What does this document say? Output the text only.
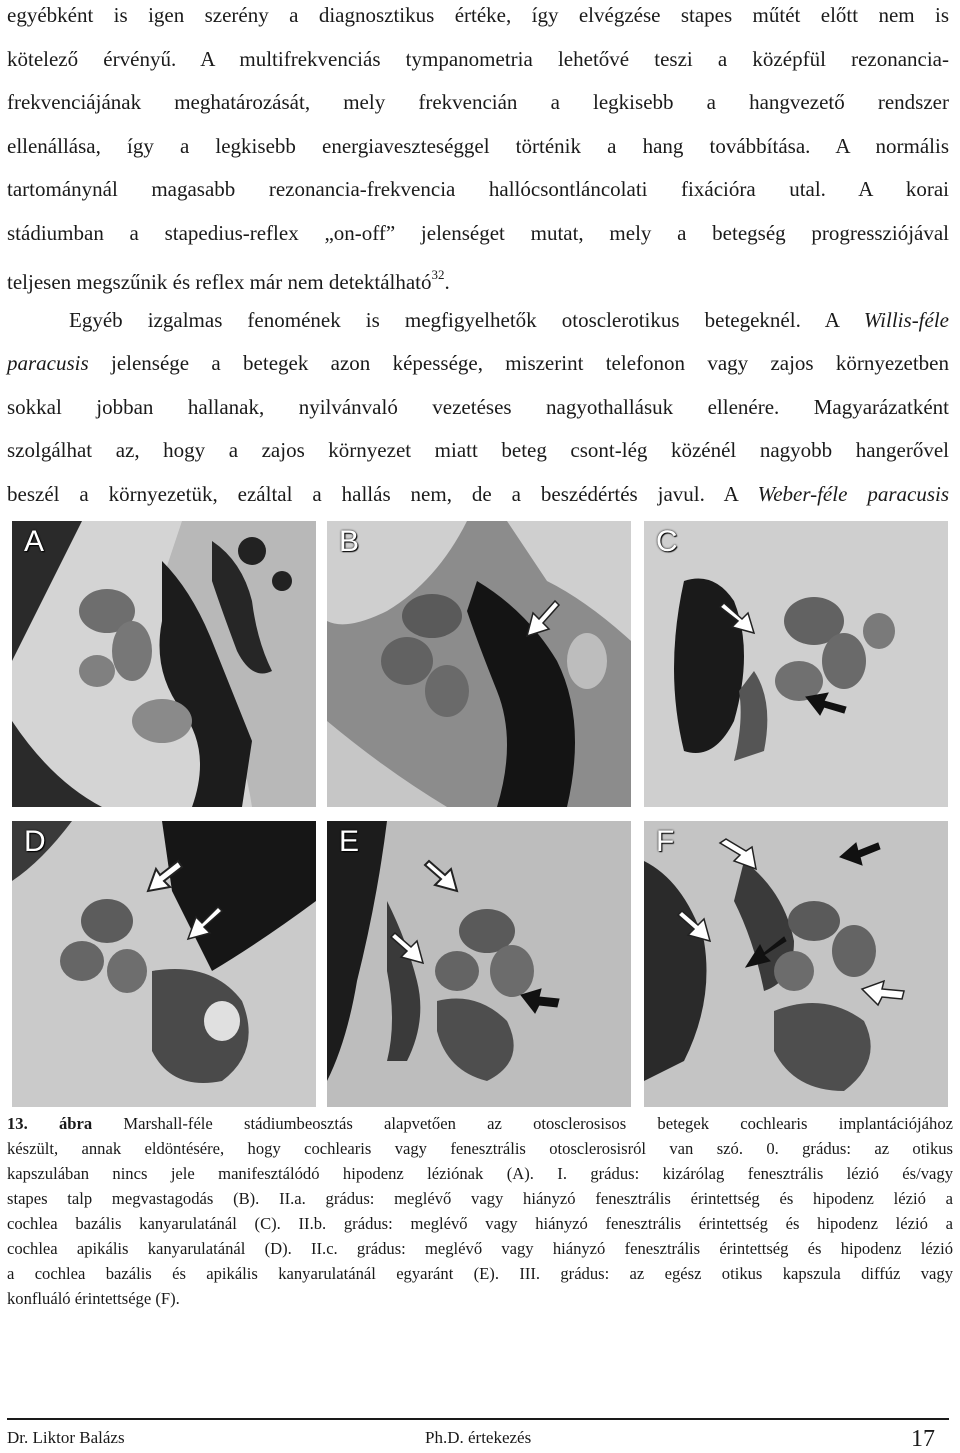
egyébként is igen szerény a diagnosztikus értéke, így elvégzése stapes műtét előtt nem is
kötelező érvényű. A multifrekvenciás tympanometria lehetővé teszi a középfül rezonancia-
frekvenciájának meghatározását, mely frekvencián a legkisebb a hangvezető rendszer
ellenállása, így a legkisebb energiaveszteséggel történik a hang továbbítása. A normális
tartománynál magasabb rezonancia-frekvencia hallócsontláncolati fixációra utal. A korai
stádiumban a stapedius-reflex „on-off” jelenséget mutat, mely a betegség progressziójával
teljesen megszűnik és reflex már nem detektálható$^{32}$.
Egyéb izgalmas fenomének is megfigyelhetők otosclerotikus betegeknél. A Willis-féle
paracusis jelensége a betegek azon képessége, miszerint telefonon vagy zajos környezetben
sokkal jobban hallanak, nyilvánvaló vezetéses nagyothallásuk ellenére. Magyarázatként
szolgálhat az, hogy a zajos környezet miatt beteg csont-lég közénél nagyobb hangerővel
beszél a környezetük, ezáltal a hallás nem, de a beszédértés javul. A Weber-féle paracusis
A	B	C
D	E	F
13. ábra Marshall-féle stádiumbeosztás alapvetően az otosclerosisos betegek cochlearis implantációjához
készült, annak eldöntésére, hogy cochlearis vagy fenesztrális otosclerosisról van szó. 0. grádus: az otikus
kapszulában nincs jele manifesztálódó hipodenz léziónak (A). I. grádus: kizárólag fenesztrális lézió és/vagy
stapes talp megvastagodás (B). II.a. grádus: meglévő vagy hiányzó fenesztrális érintettség és hipodenz lézió a
cochlea bazális kanyarulatánál (C). II.b. grádus: meglévő vagy hiányzó fenesztrális érintettség és hipodenz lézió a
cochlea apikális kanyarulatánál (D). II.c. grádus: meglévő vagy hiányzó fenesztrális érintettség és hipodenz lézió
a cochlea bazális és apikális kanyarulatánál egyaránt (E). III. grádus: az egész otikus kapszula diffúz vagy
konfluáló érintettsége (F).
Dr. Liktor Balázs	Ph.D. értekezés	17
